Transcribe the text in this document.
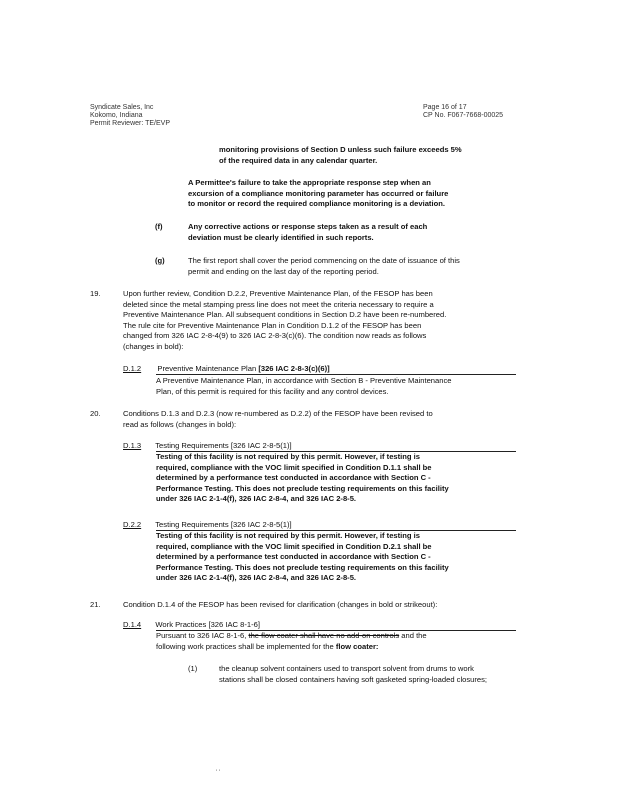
Syndicate Sales, Inc
Kokomo, Indiana
Permit Reviewer: TE/EVP
Page 16 of 17
CP No. F067-7668-00025
monitoring provisions of Section D unless such failure exceeds 5%
of the required data in any calendar quarter.
A Permittee's failure to take the appropriate response step when an
excursion of a compliance monitoring parameter has occurred or failure
to monitor or record the required compliance monitoring is a deviation.
(f)	Any corrective actions or response steps taken as a result of each
deviation must be clearly identified in such reports.
(g)	The first report shall cover the period commencing on the date of issuance of this
permit and ending on the last day of the reporting period.
19.	Upon further review, Condition D.2.2, Preventive Maintenance Plan, of the FESOP has been
deleted since the metal stamping press line does not meet the criteria necessary to require a
Preventive Maintenance Plan. All subsequent conditions in Section D.2 have been re-numbered.
The rule cite for Preventive Maintenance Plan in Condition D.1.2 of the FESOP has been
changed from 326 IAC 2-8-4(9) to 326 IAC 2-8-3(c)(6). The condition now reads as follows
(changes in bold):
D.1.2 Preventive Maintenance Plan [326 IAC 2-8-3(c)(6)]
A Preventive Maintenance Plan, in accordance with Section B - Preventive Maintenance
Plan, of this permit is required for this facility and any control devices.
20.	Conditions D.1.3 and D.2.3 (now re-numbered as D.2.2) of the FESOP have been revised to
read as follows (changes in bold):
D.1.3 Testing Requirements [326 IAC 2-8-5(1)]
Testing of this facility is not required by this permit. However, if testing is
required, compliance with the VOC limit specified in Condition D.1.1 shall be
determined by a performance test conducted in accordance with Section C -
Performance Testing. This does not preclude testing requirements on this facility
under 326 IAC 2-1-4(f), 326 IAC 2-8-4, and 326 IAC 2-8-5.
D.2.2 Testing Requirements [326 IAC 2-8-5(1)]
Testing of this facility is not required by this permit. However, if testing is
required, compliance with the VOC limit specified in Condition D.2.1 shall be
determined by a performance test conducted in accordance with Section C -
Performance Testing. This does not preclude testing requirements on this facility
under 326 IAC 2-1-4(f), 326 IAC 2-8-4, and 326 IAC 2-8-5.
21.	Condition D.1.4 of the FESOP has been revised for clarification (changes in bold or strikeout):
D.1.4 Work Practices [326 IAC 8-1-6]
Pursuant to 326 IAC 8-1-6, the flow coater shall have no add-on controls and the
following work practices shall be implemented for the flow coater:
(1)	the cleanup solvent containers used to transport solvent from drums to work
stations shall be closed containers having soft gasketed spring-loaded closures;
' '
